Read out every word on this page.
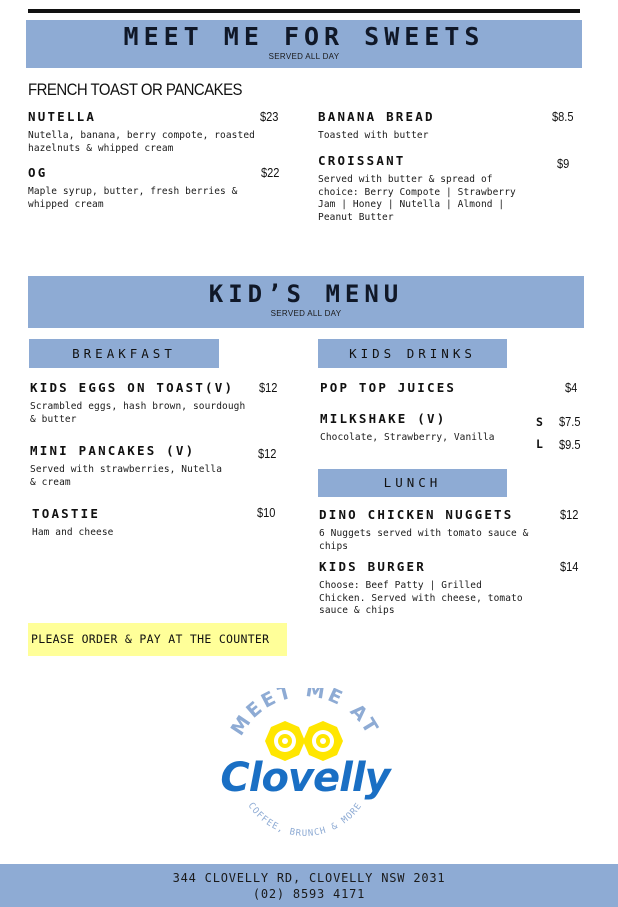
MEET ME FOR SWEETS
SERVED ALL DAY
FRENCH TOAST OR PANCAKES
NUTELLA
Nutella, banana, berry compote, roasted hazelnuts & whipped cream
$23
OG
Maple syrup, butter, fresh berries & whipped cream
$22
BANANA BREAD
Toasted with butter
$8.5
CROISSANT
Served with butter & spread of choice: Berry Compote | Strawberry Jam | Honey | Nutella | Almond | Peanut Butter
$9
KID’S MENU
SERVED ALL DAY
BREAKFAST
KIDS EGGS ON TOAST(V)
Scrambled eggs, hash brown, sourdough & butter
$12
MINI PANCAKES (V)
Served with strawberries, Nutella & cream
$12
TOASTIE
Ham and cheese
$10
KIDS DRINKS
POP TOP JUICES	$4
MILKSHAKE (V)
Chocolate, Strawberry, Vanilla
S $7.5
L $9.5
LUNCH
DINO CHICKEN NUGGETS
6 Nuggets served with tomato sauce & chips
$12
KIDS BURGER
Choose: Beef Patty | Grilled Chicken. Served with cheese, tomato sauce & chips
$14
PLEASE ORDER & PAY AT THE COUNTER
MEET ME AT
Clovelly
COFFEE, BRUNCH & MORE
344 CLOVELLY RD, CLOVELLY NSW 2031
(02) 8593 4171
